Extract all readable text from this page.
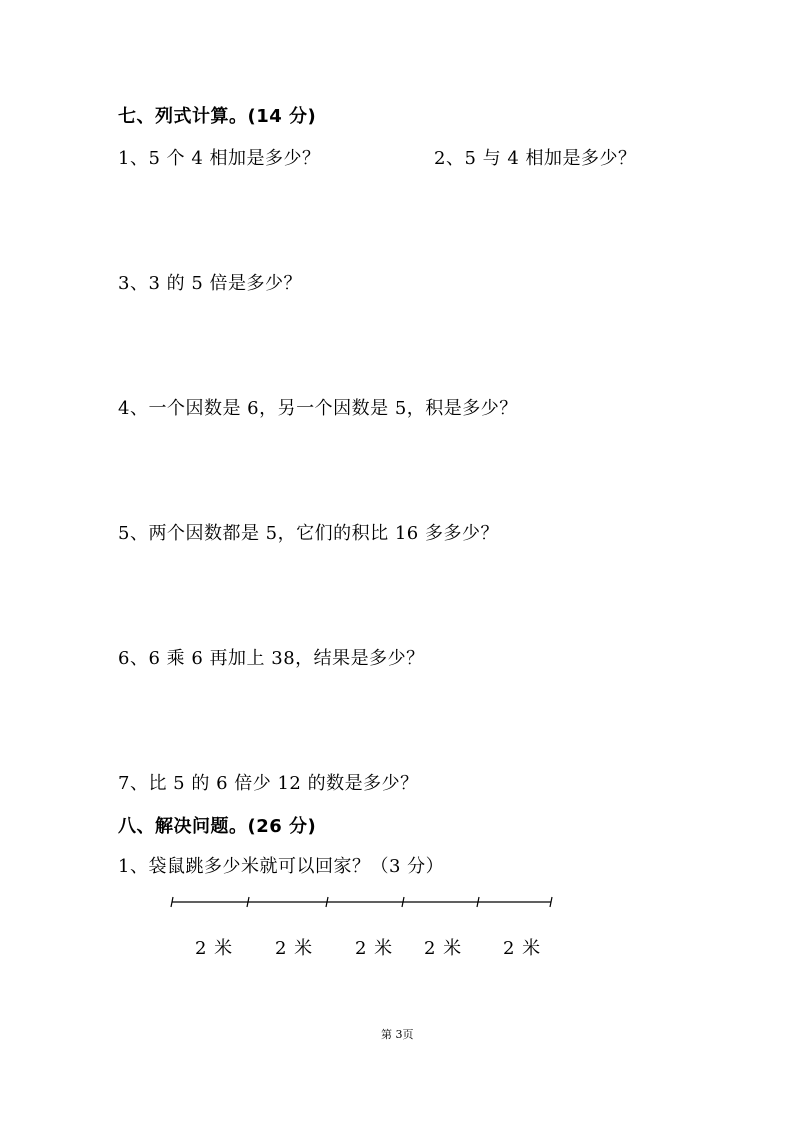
七、列式计算。(14 分)
1、5 个 4 相加是多少？	2、5 与 4 相加是多少？
3、3 的 5 倍是多少？
4、一个因数是 6，另一个因数是 5，积是多少？
5、两个因数都是 5，它们的积比 16 多多少？
6、6 乘 6 再加上 38，结果是多少？
7、比 5 的 6 倍少 12 的数是多少？
八、解决问题。(26 分)
1、袋鼠跳多少米就可以回家？（3 分）
2 米 2 米 2 米 2 米 2 米
第 3页
